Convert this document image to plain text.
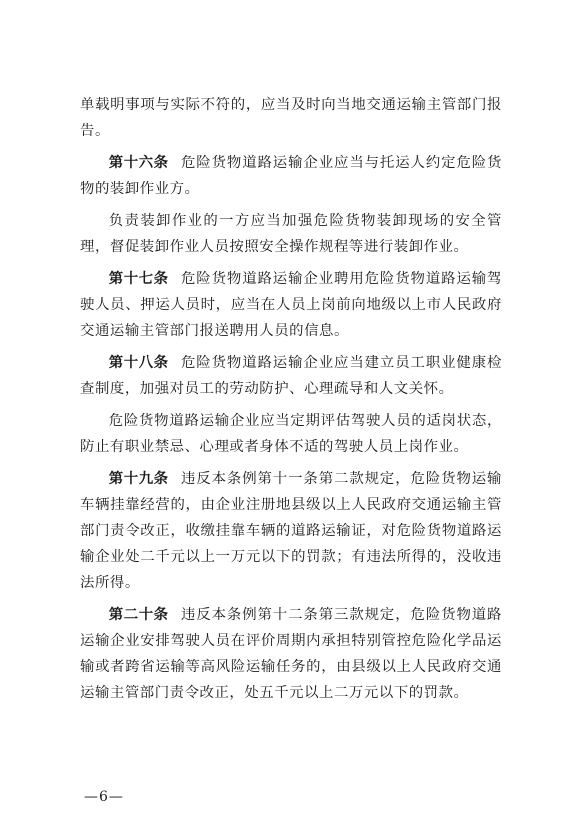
单载明事项与实际不符的，应当及时向当地交通运输主管部门报告。

第十六条 危险货物道路运输企业应当与托运人约定危险货物的装卸作业方。

负责装卸作业的一方应当加强危险货物装卸现场的安全管理，督促装卸作业人员按照安全操作规程等进行装卸作业。

第十七条 危险货物道路运输企业聘用危险货物道路运输驾驶人员、押运人员时，应当在人员上岗前向地级以上市人民政府交通运输主管部门报送聘用人员的信息。

第十八条 危险货物道路运输企业应当建立员工职业健康检查制度，加强对员工的劳动防护、心理疏导和人文关怀。

危险货物道路运输企业应当定期评估驾驶人员的适岗状态，防止有职业禁忌、心理或者身体不适的驾驶人员上岗作业。

第十九条 违反本条例第十一条第二款规定，危险货物运输车辆挂靠经营的，由企业注册地县级以上人民政府交通运输主管部门责令改正，收缴挂靠车辆的道路运输证，对危险货物道路运输企业处二千元以上一万元以下的罚款；有违法所得的，没收违法所得。

第二十条 违反本条例第十二条第三款规定，危险货物道路运输企业安排驾驶人员在评价周期内承担特别管控危险化学品运输或者跨省运输等高风险运输任务的，由县级以上人民政府交通运输主管部门责令改正，处五千元以上二万元以下的罚款。

—6—
